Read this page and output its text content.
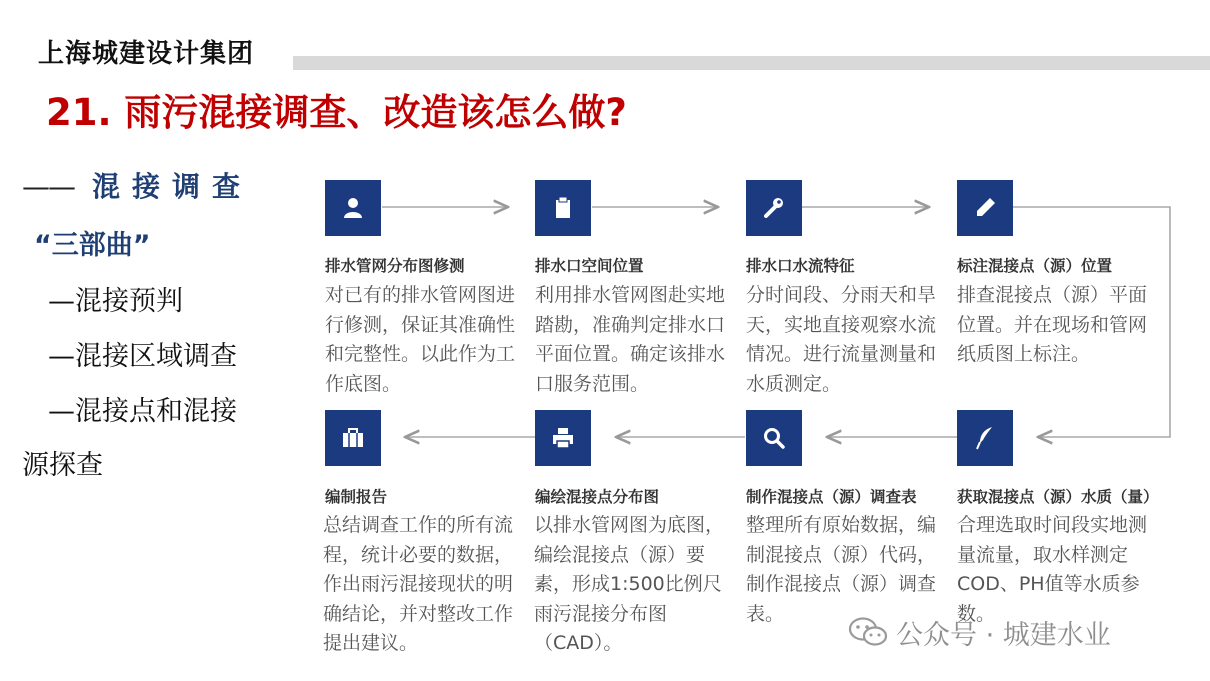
上海城建设计集团
21. 雨污混接调查、改造该怎么做?
—— 混接调查
“三部曲”
—混接预判
—混接区域调查
—混接点和混接
源探查
排水管网分布图修测
对已有的排水管网图进行修测，保证其准确性和完整性。以此作为工作底图。
排水口空间位置
利用排水管网图赴实地踏勘，准确判定排水口平面位置。确定该排水口服务范围。
排水口水流特征
分时间段、分雨天和旱天，实地直接观察水流情况。进行流量测量和水质测定。
标注混接点（源）位置
排查混接点（源）平面位置。并在现场和管网纸质图上标注。
编制报告
总结调查工作的所有流程，统计必要的数据，作出雨污混接现状的明确结论，并对整改工作提出建议。
编绘混接点分布图
以排水管网图为底图，编绘混接点（源）要素，形成1:500比例尺雨污混接分布图（CAD）。
制作混接点（源）调查表
整理所有原始数据，编制混接点（源）代码，制作混接点（源）调查表。
获取混接点（源）水质（量）
合理选取时间段实地测量流量，取水样测定COD、PH值等水质参数。
公众号 · 城建水业
